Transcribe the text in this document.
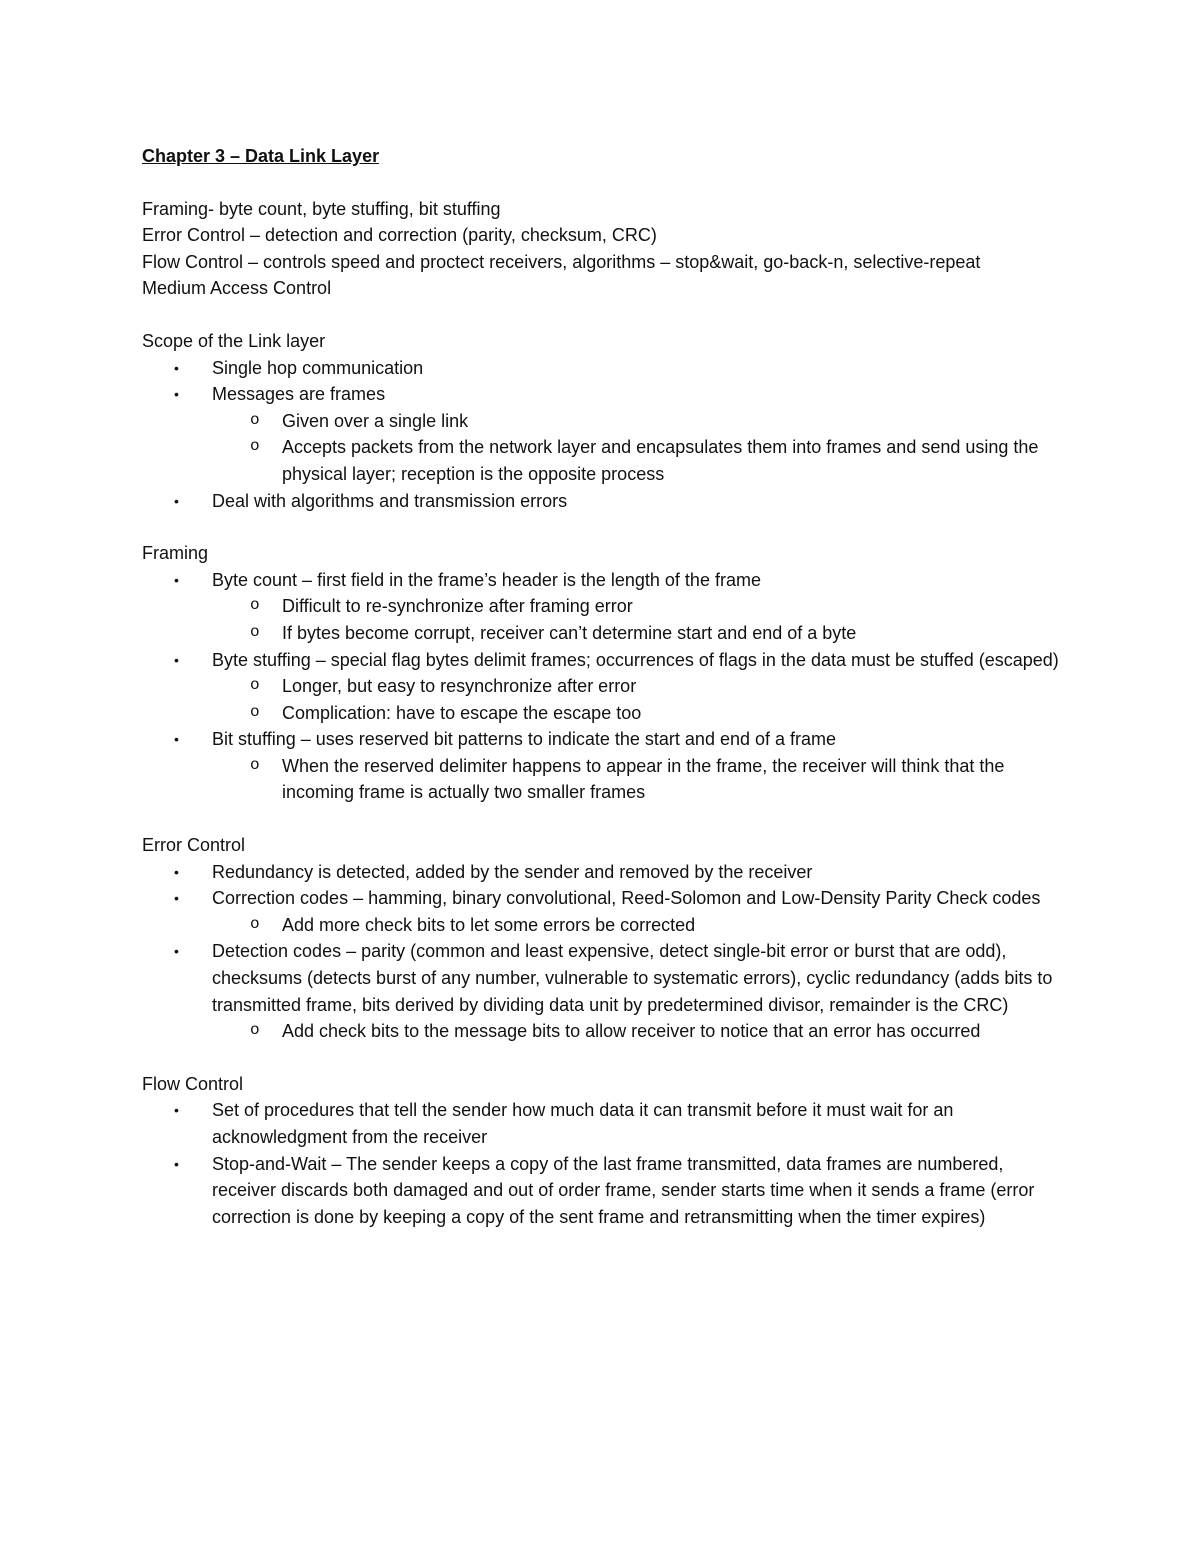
Chapter 3 – Data Link Layer

Framing- byte count, byte stuffing, bit stuffing

Error Control – detection and correction (parity, checksum, CRC)

Flow Control – controls speed and proctect receivers, algorithms – stop&wait, go-back-n, selective-repeat

Medium Access Control

Scope of the Link layer

• Single hop communication
• Messages are frames
o Given over a single link
o Accepts packets from the network layer and encapsulates them into frames and send using the physical layer; reception is the opposite process
• Deal with algorithms and transmission errors

Framing

• Byte count – first field in the frame’s header is the length of the frame
o Difficult to re-synchronize after framing error
o If bytes become corrupt, receiver can’t determine start and end of a byte
• Byte stuffing – special flag bytes delimit frames; occurrences of flags in the data must be stuffed (escaped)
o Longer, but easy to resynchronize after error
o Complication: have to escape the escape too
• Bit stuffing – uses reserved bit patterns to indicate the start and end of a frame
o When the reserved delimiter happens to appear in the frame, the receiver will think that the incoming frame is actually two smaller frames

Error Control

• Redundancy is detected, added by the sender and removed by the receiver
• Correction codes – hamming, binary convolutional, Reed-Solomon and Low-Density Parity Check codes
o Add more check bits to let some errors be corrected
• Detection codes – parity (common and least expensive, detect single-bit error or burst that are odd), checksums (detects burst of any number, vulnerable to systematic errors), cyclic redundancy (adds bits to transmitted frame, bits derived by dividing data unit by predetermined divisor, remainder is the CRC)
o Add check bits to the message bits to allow receiver to notice that an error has occurred

Flow Control

• Set of procedures that tell the sender how much data it can transmit before it must wait for an acknowledgment from the receiver
• Stop-and-Wait – The sender keeps a copy of the last frame transmitted, data frames are numbered, receiver discards both damaged and out of order frame, sender starts time when it sends a frame (error correction is done by keeping a copy of the sent frame and retransmitting when the timer expires)
